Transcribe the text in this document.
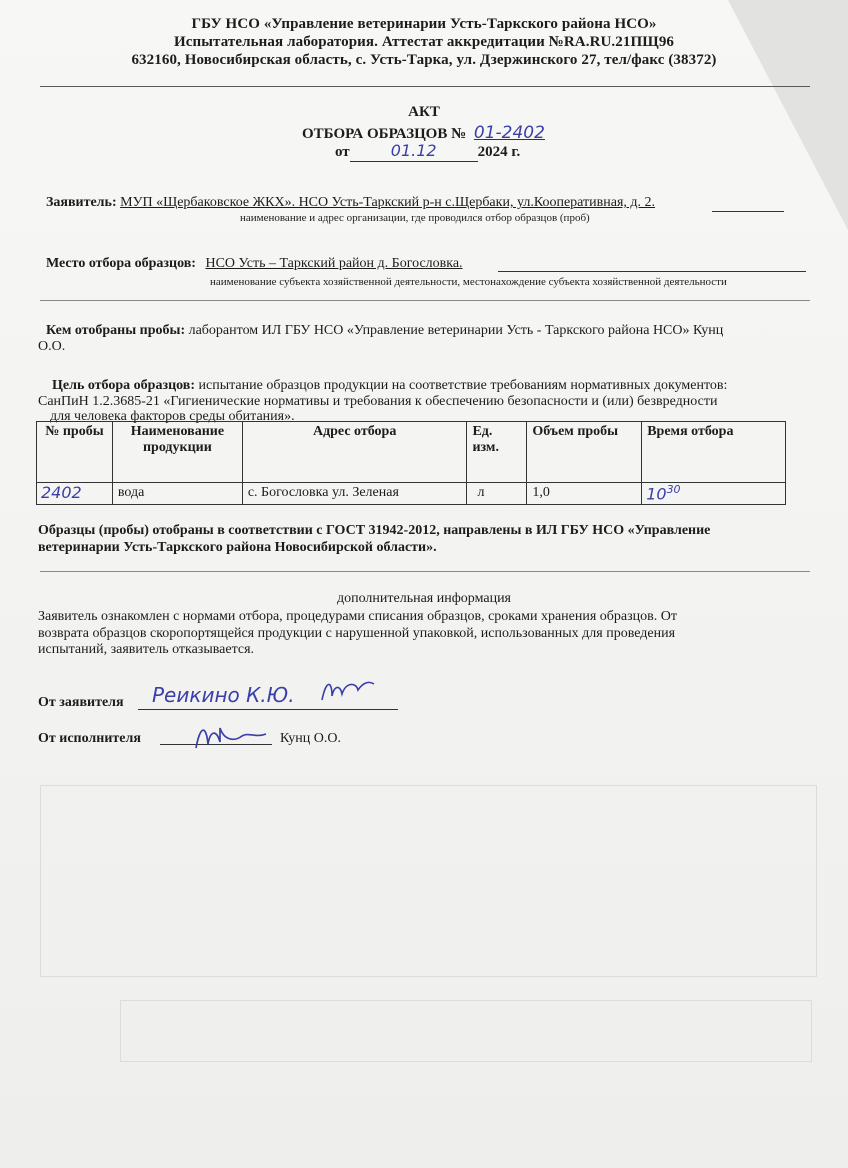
ГБУ НСО «Управление ветеринарии Усть-Таркского района НСО»
Испытательная лаборатория. Аттестат аккредитации №RA.RU.21ПЩ96
632160, Новосибирская область, с. Усть-Тарка, ул. Дзержинского 27, тел/факс (38372)
АКТ
ОТБОРА ОБРАЗЦОВ № 01-2402
от	01.12	2024 г.
Заявитель: МУП «Щербаковское ЖКХ». НСО Усть-Таркский р-н с.Щербаки, ул.Кооперативная, д. 2.
наименование и адрес организации, где проводился отбор образцов (проб)
Место отбора образцов: НСО Усть – Таркский район д. Богословка.
наименование субъекта хозяйственной деятельности, местонахождение субъекта хозяйственной деятельности
Кем отобраны пробы: лаборантом ИЛ ГБУ НСО «Управление ветеринарии Усть - Таркского района НСО» Кунц
О.О.
Цель отбора образцов: испытание образцов продукции на соответствие требованиям нормативных документов:
СанПиН 1.2.3685-21 «Гигиенические нормативы и требования к обеспечению безопасности и (или) безвредности
для человека факторов среды обитания».
№ пробы	Наименование продукции	Адрес отбора	Ед. изм.	Объем пробы	Время отбора
2402	вода	с. Богословка ул. Зеленая	л	1,0	$10^{30}$
Образцы (пробы) отобраны в соответствии с ГОСТ 31942-2012, направлены в ИЛ ГБУ НСО «Управление
ветеринарии Усть-Таркского района Новосибирской области».
дополнительная информация
Заявитель ознакомлен с нормами отбора, процедурами списания образцов, сроками хранения образцов. От
возврата образцов скоропортящейся продукции с нарушенной упаковкой, использованных для проведения
испытаний, заявитель отказывается.
От заявителя Реикино К.Ю.
От исполнителя	Кунц О.О.
